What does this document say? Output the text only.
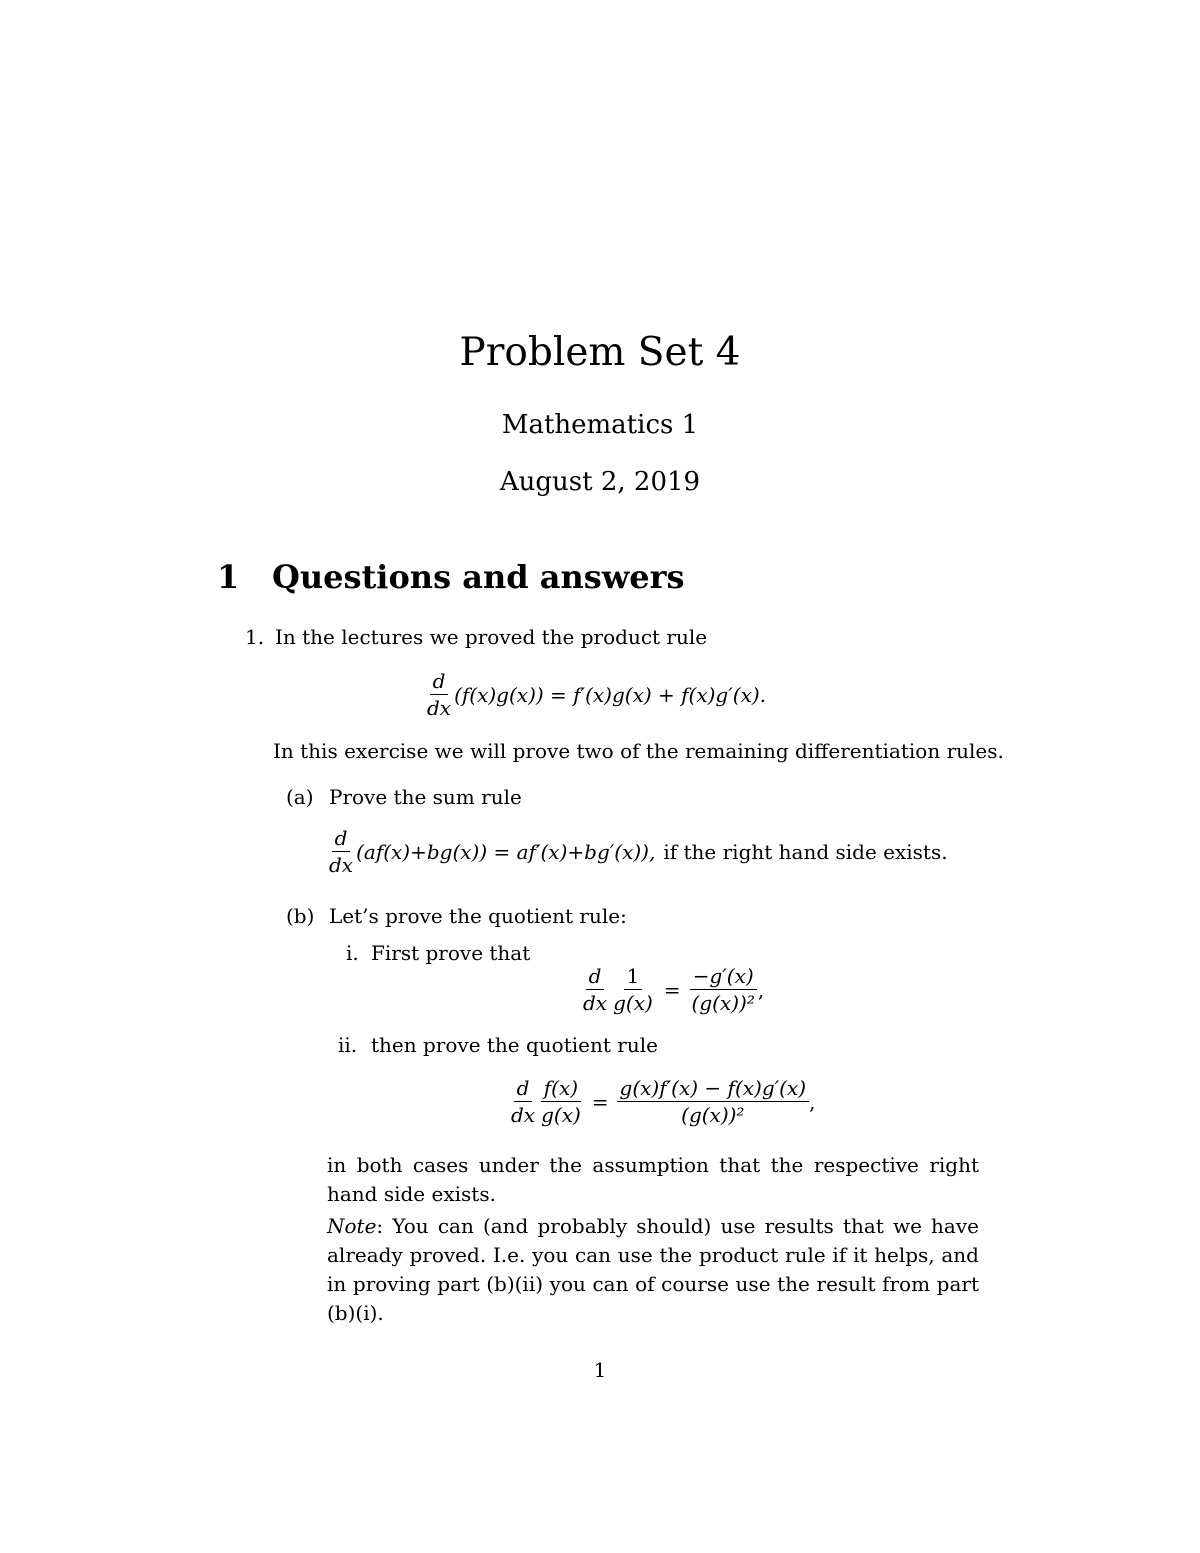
Problem Set 4
Mathematics 1
August 2, 2019
1 Questions and answers
1. In the lectures we proved the product rule
$\frac{d}{dx} (f(x)g(x)) = f'(x)g(x) + f(x)g'(x)$.
In this exercise we will prove two of the remaining differentiation rules.
(a) Prove the sum rule
$\frac{d}{dx} (af(x)+bg(x)) = af'(x)+bg'(x)$), if the right hand side exists.
(b) Let’s prove the quotient rule:
i. First prove that
$\frac{d}{dx} \frac{1}{g(x)} = \frac{-g'(x)}{\text{(g(x))²}}$ ,
ii. then prove the quotient rule
$\frac{d}{dx} \frac{f(x)}{g(x)} = \frac{g(x)f'(x) - f(x)g'(x)}{\text{(g(x))²}}$ ,
in both cases under the assumption that the respective right hand side exists.
Note: You can (and probably should) use results that we have already proved. I.e. you can use the product rule if it helps, and in proving part (b)(ii) you can of course use the result from part (b)(i).
1
